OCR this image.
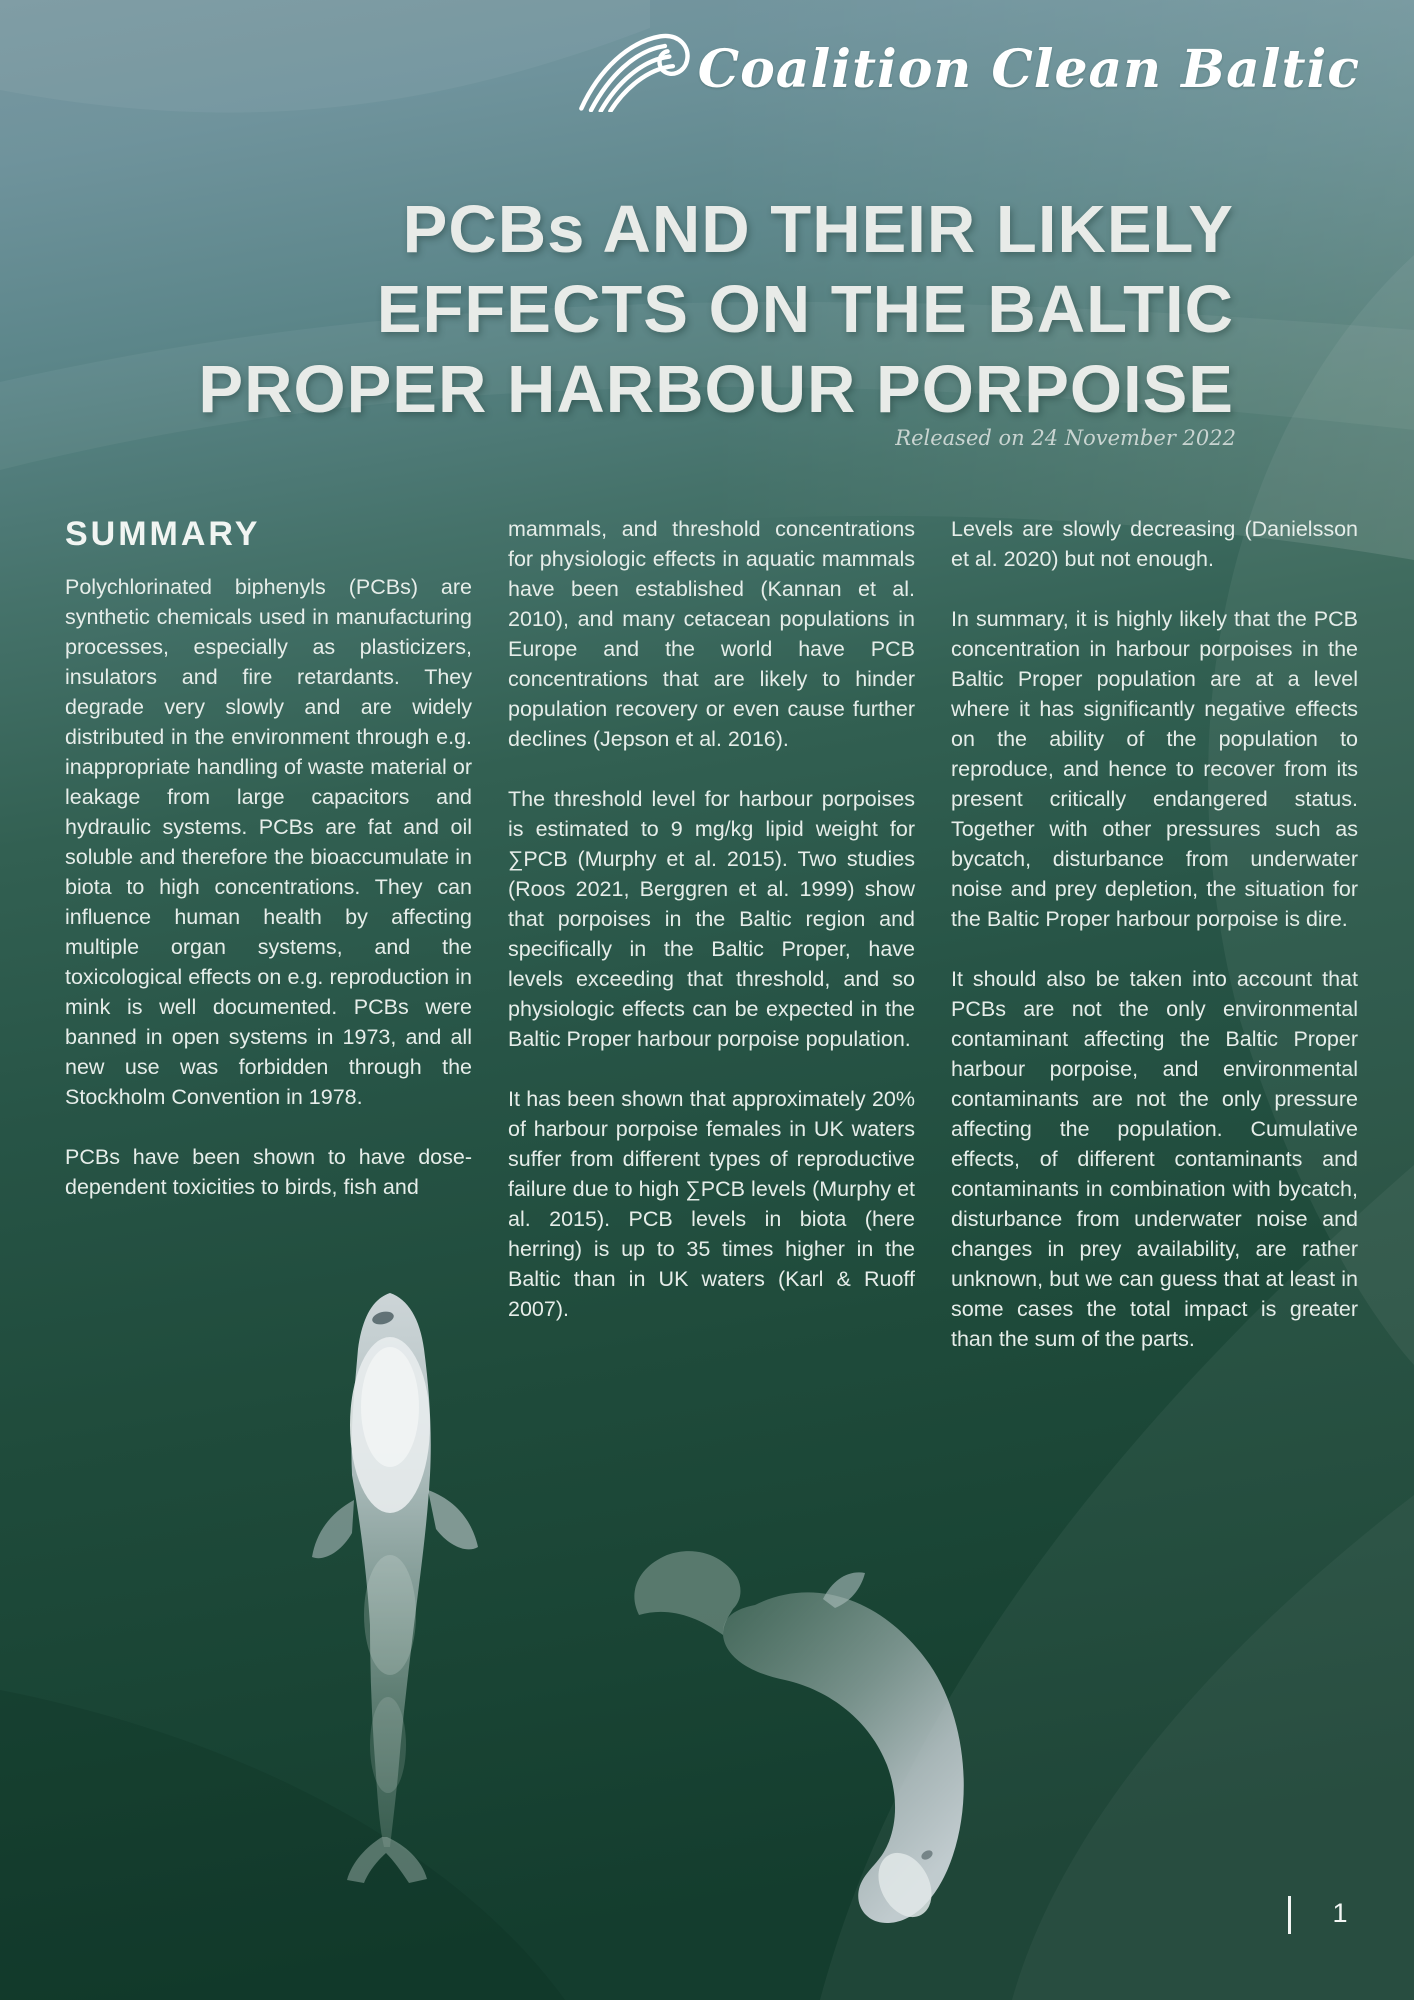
Coalition Clean Baltic
PCBs AND THEIR LIKELY
EFFECTS ON THE BALTIC
PROPER HARBOUR PORPOISE
Released on 24 November 2022
SUMMARY

Polychlorinated biphenyls (PCBs) are synthetic chemicals used in manufacturing processes, especially as plasticizers, insulators and fire retardants. They degrade very slowly and are widely distributed in the environment through e.g. inappropriate handling of waste material or leakage from large capacitors and hydraulic systems. PCBs are fat and oil soluble and therefore the bioaccumulate in biota to high concentrations. They can influence human health by affecting multiple organ systems, and the toxicological effects on e.g. reproduction in mink is well documented. PCBs were banned in open systems in 1973, and all new use was forbidden through the Stockholm Convention in 1978.

PCBs have been shown to have dose-dependent toxicities to birds, fish and

mammals, and threshold concentrations for physiologic effects in aquatic mammals have been established (Kannan et al. 2010), and many cetacean populations in Europe and the world have PCB concentrations that are likely to hinder population recovery or even cause further declines (Jepson et al. 2016).

The threshold level for harbour porpoises is estimated to 9 mg/kg lipid weight for ∑PCB (Murphy et al. 2015). Two studies (Roos 2021, Berggren et al. 1999) show that porpoises in the Baltic region and specifically in the Baltic Proper, have levels exceeding that threshold, and so physiologic effects can be expected in the Baltic Proper harbour porpoise population.

It has been shown that approximately 20% of harbour porpoise females in UK waters suffer from different types of reproductive failure due to high ∑PCB levels (Murphy et al. 2015). PCB levels in biota (here herring) is up to 35 times higher in the Baltic than in UK waters (Karl & Ruoff 2007).

Levels are slowly decreasing (Danielsson et al. 2020) but not enough.

In summary, it is highly likely that the PCB concentration in harbour porpoises in the Baltic Proper population are at a level where it has significantly negative effects on the ability of the population to reproduce, and hence to recover from its present critically endangered status. Together with other pressures such as bycatch, disturbance from underwater noise and prey depletion, the situation for the Baltic Proper harbour porpoise is dire.

It should also be taken into account that PCBs are not the only environmental contaminant affecting the Baltic Proper harbour porpoise, and environmental contaminants are not the only pressure affecting the population. Cumulative effects, of different contaminants and contaminants in combination with bycatch, disturbance from underwater noise and changes in prey availability, are rather unknown, but we can guess that at least in some cases the total impact is greater than the sum of the parts.

1
